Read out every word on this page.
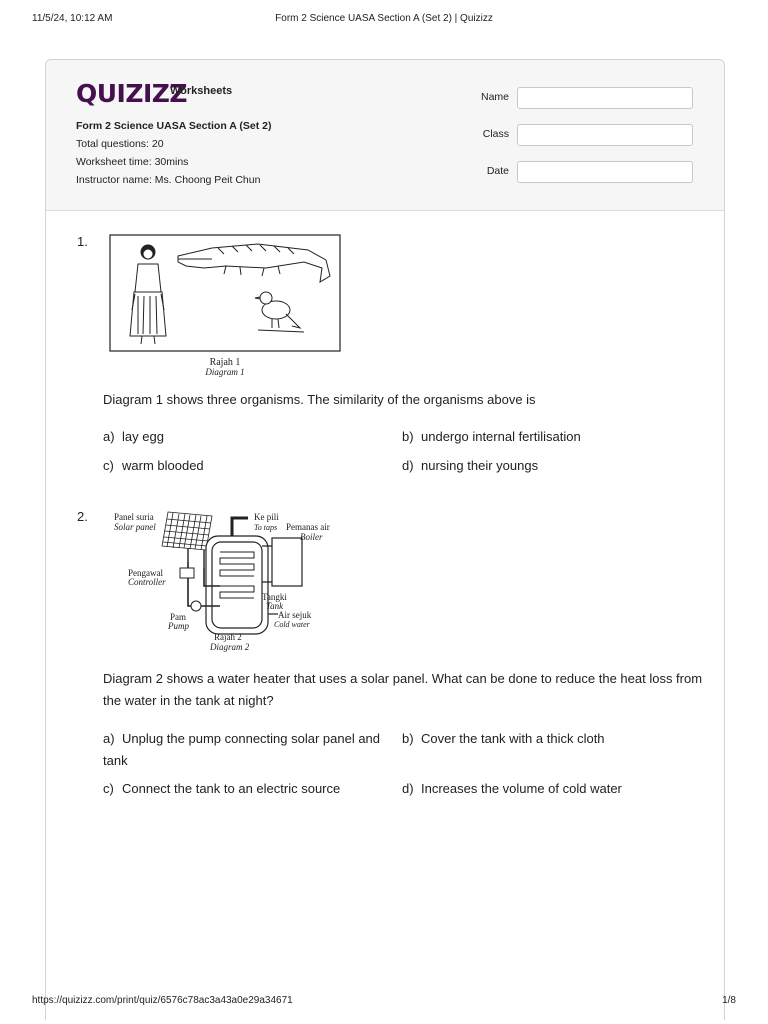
11/5/24, 10:12 AM	Form 2 Science UASA Section A (Set 2) | Quizizz
QUIZIZZ
Worksheets
Form 2 Science UASA Section A (Set 2)
Total questions: 20
Worksheet time: 30mins
Instructor name: Ms. Choong Peit Chun
Name
Class
Date
1.
Rajah 1
Diagram 1
Diagram 1 shows three organisms. The similarity of the organisms above is
a) lay egg	b) undergo internal fertilisation
c) warm blooded	d) nursing their youngs
2.	Panel suria
Solar panel
Ke pili
To taps Pemanas air
Boiler
Pengawal
Controller
Tangki
Tank
Air sejuk
Cold water
Pam
Pump
Rajah 2
Diagram 2
Diagram 2 shows a water heater that uses a solar panel. What can be done to reduce the heat loss from the water in the tank at night?
a) Unplug the pump connecting solar panel and tank
b) Cover the tank with a thick cloth
c) Connect the tank to an electric source	d) Increases the volume of cold water
https://quizizz.com/print/quiz/6576c78ac3a43a0e29a34671	1/8
